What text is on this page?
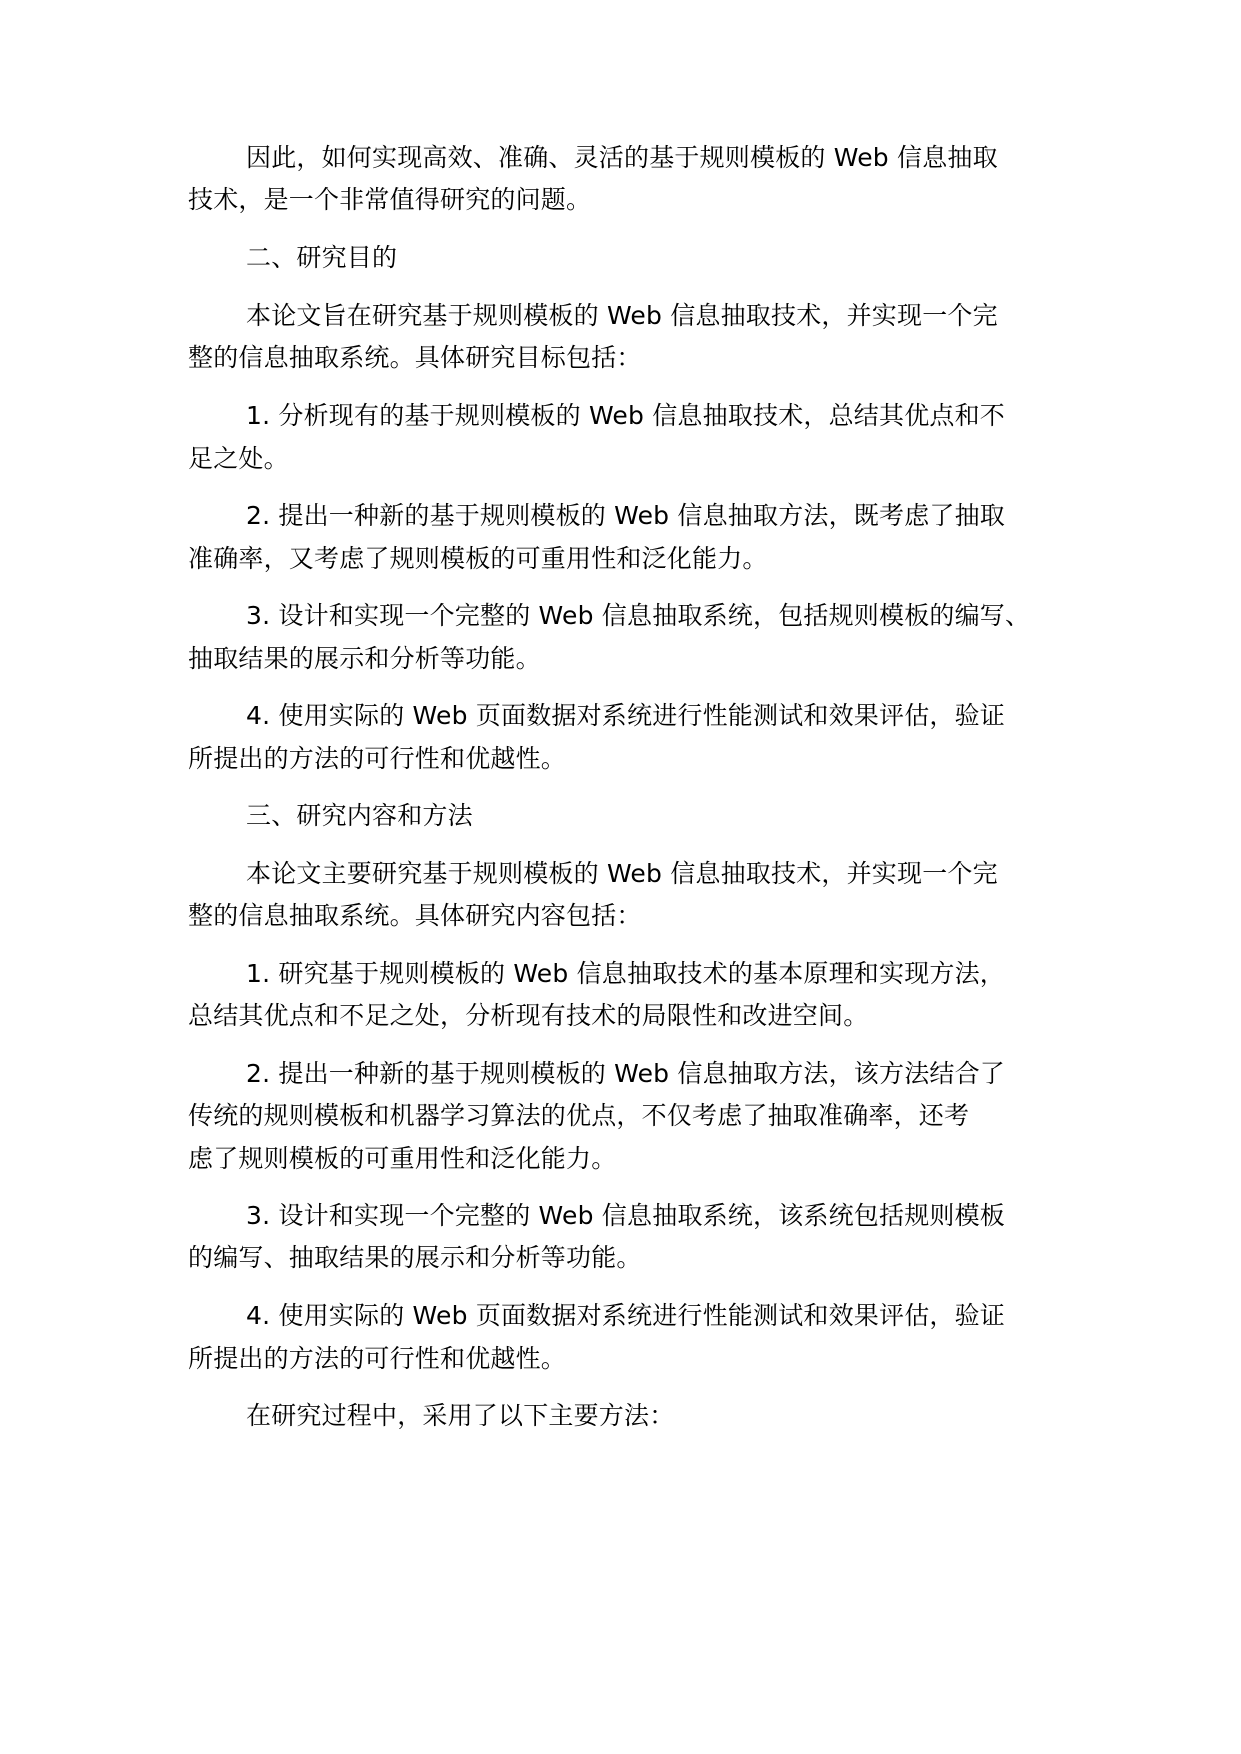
因此，如何实现高效、准确、灵活的基于规则模板的 Web 信息抽取
技术，是一个非常值得研究的问题。
二、研究目的
本论文旨在研究基于规则模板的 Web 信息抽取技术，并实现一个完
整的信息抽取系统。具体研究目标包括：
1. 分析现有的基于规则模板的 Web 信息抽取技术，总结其优点和不
足之处。
2. 提出一种新的基于规则模板的 Web 信息抽取方法，既考虑了抽取
准确率，又考虑了规则模板的可重用性和泛化能力。
3. 设计和实现一个完整的 Web 信息抽取系统，包括规则模板的编写、
抽取结果的展示和分析等功能。
4. 使用实际的 Web 页面数据对系统进行性能测试和效果评估，验证
所提出的方法的可行性和优越性。
三、研究内容和方法
本论文主要研究基于规则模板的 Web 信息抽取技术，并实现一个完
整的信息抽取系统。具体研究内容包括：
1. 研究基于规则模板的 Web 信息抽取技术的基本原理和实现方法，
总结其优点和不足之处，分析现有技术的局限性和改进空间。
2. 提出一种新的基于规则模板的 Web 信息抽取方法，该方法结合了
传统的规则模板和机器学习算法的优点，不仅考虑了抽取准确率，还考
虑了规则模板的可重用性和泛化能力。
3. 设计和实现一个完整的 Web 信息抽取系统，该系统包括规则模板
的编写、抽取结果的展示和分析等功能。
4. 使用实际的 Web 页面数据对系统进行性能测试和效果评估，验证
所提出的方法的可行性和优越性。
在研究过程中，采用了以下主要方法：
